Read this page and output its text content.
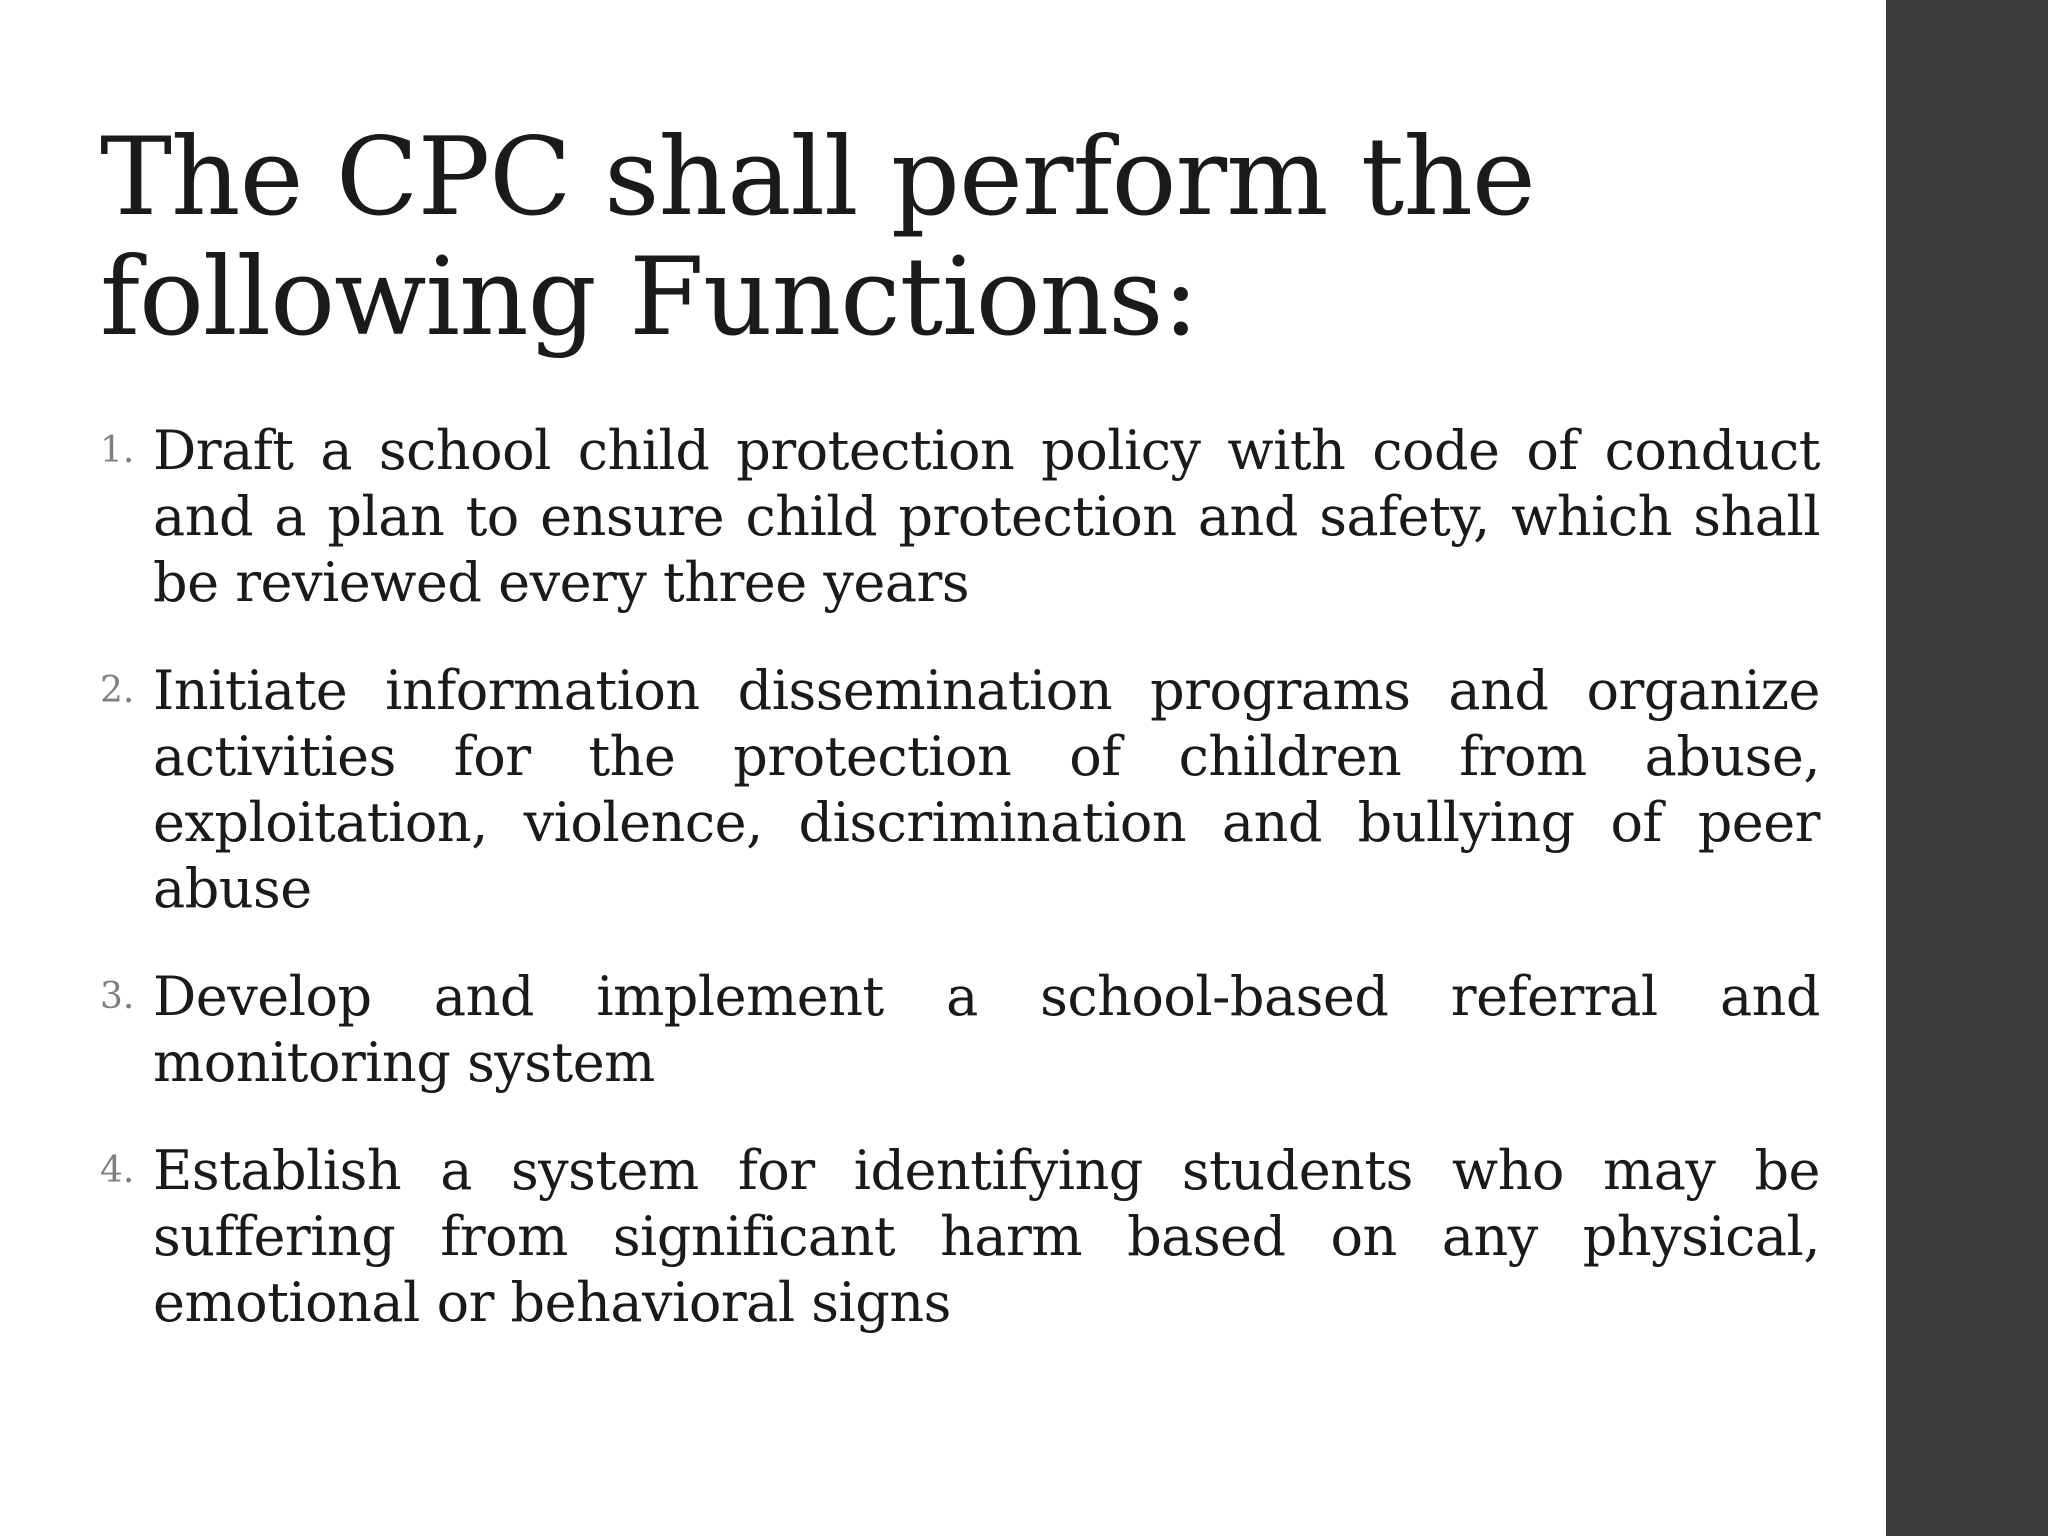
The CPC shall perform the
following Functions:
1. Draft a school child protection policy with code of conduct and a plan to ensure child protection and safety, which shall be reviewed every three years
2. Initiate information dissemination programs and organize activities for the protection of children from abuse, exploitation, violence, discrimination and bullying of peer abuse
3. Develop and implement a school-based referral and monitoring system
4. Establish a system for identifying students who may be suffering from significant harm based on any physical, emotional or behavioral signs
